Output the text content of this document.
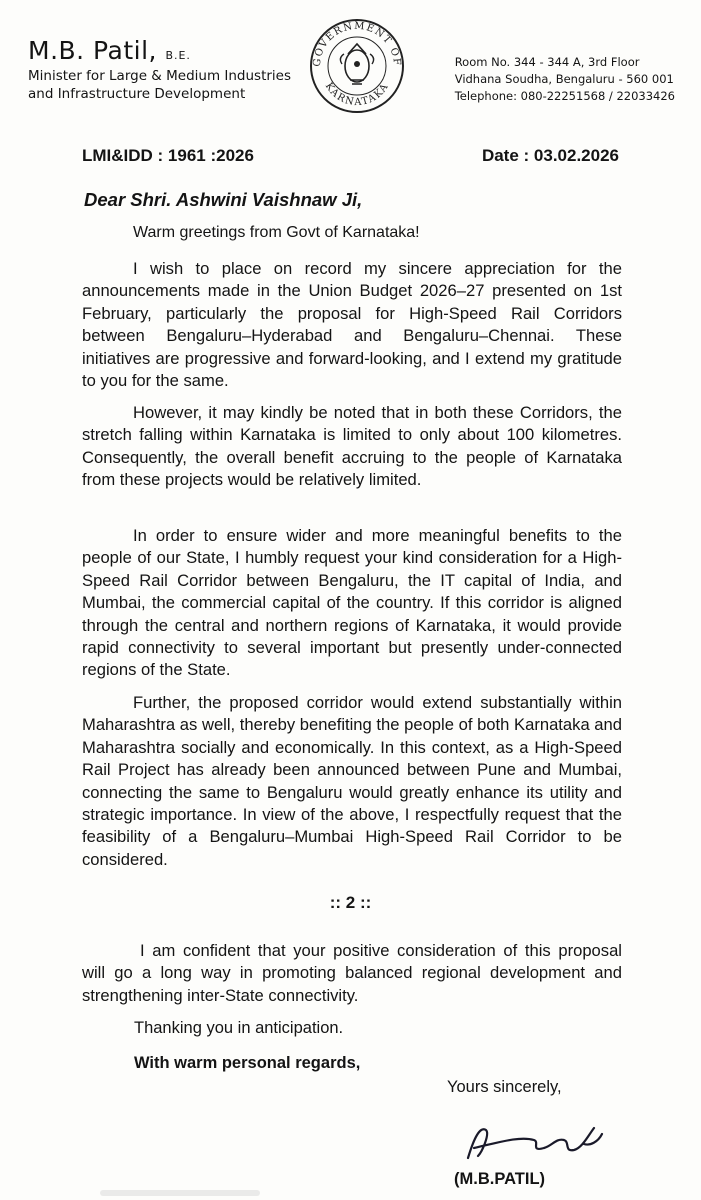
M.B. Patil, B.E.
Minister for Large & Medium Industries
and Infrastructure Development
GOVERNMENT OF
KARNATAKA
Room No. 344 - 344 A, 3rd Floor
Vidhana Soudha, Bengaluru - 560 001
Telephone: 080-22251568 / 22033426
LMI&IDD : 1961 :2026	Date : 03.02.2026
Dear Shri. Ashwini Vaishnaw Ji,
Warm greetings from Govt of Karnataka!
I wish to place on record my sincere appreciation for the announcements made in the Union Budget 2026–27 presented on 1st February, particularly the proposal for High-Speed Rail Corridors between Bengaluru–Hyderabad and Bengaluru–Chennai. These initiatives are progressive and forward-looking, and I extend my gratitude to you for the same.
However, it may kindly be noted that in both these Corridors, the stretch falling within Karnataka is limited to only about 100 kilometres. Consequently, the overall benefit accruing to the people of Karnataka from these projects would be relatively limited.
In order to ensure wider and more meaningful benefits to the people of our State, I humbly request your kind consideration for a High-Speed Rail Corridor between Bengaluru, the IT capital of India, and Mumbai, the commercial capital of the country. If this corridor is aligned through the central and northern regions of Karnataka, it would provide rapid connectivity to several important but presently under-connected regions of the State.
Further, the proposed corridor would extend substantially within Maharashtra as well, thereby benefiting the people of both Karnataka and Maharashtra socially and economically. In this context, as a High-Speed Rail Project has already been announced between Pune and Mumbai, connecting the same to Bengaluru would greatly enhance its utility and strategic importance. In view of the above, I respectfully request that the feasibility of a Bengaluru–Mumbai High-Speed Rail Corridor to be considered.
:: 2 ::
I am confident that your positive consideration of this proposal will go a long way in promoting balanced regional development and strengthening inter-State connectivity.
Thanking you in anticipation.
With warm personal regards,
Yours sincerely,
(M.B.PATIL)
